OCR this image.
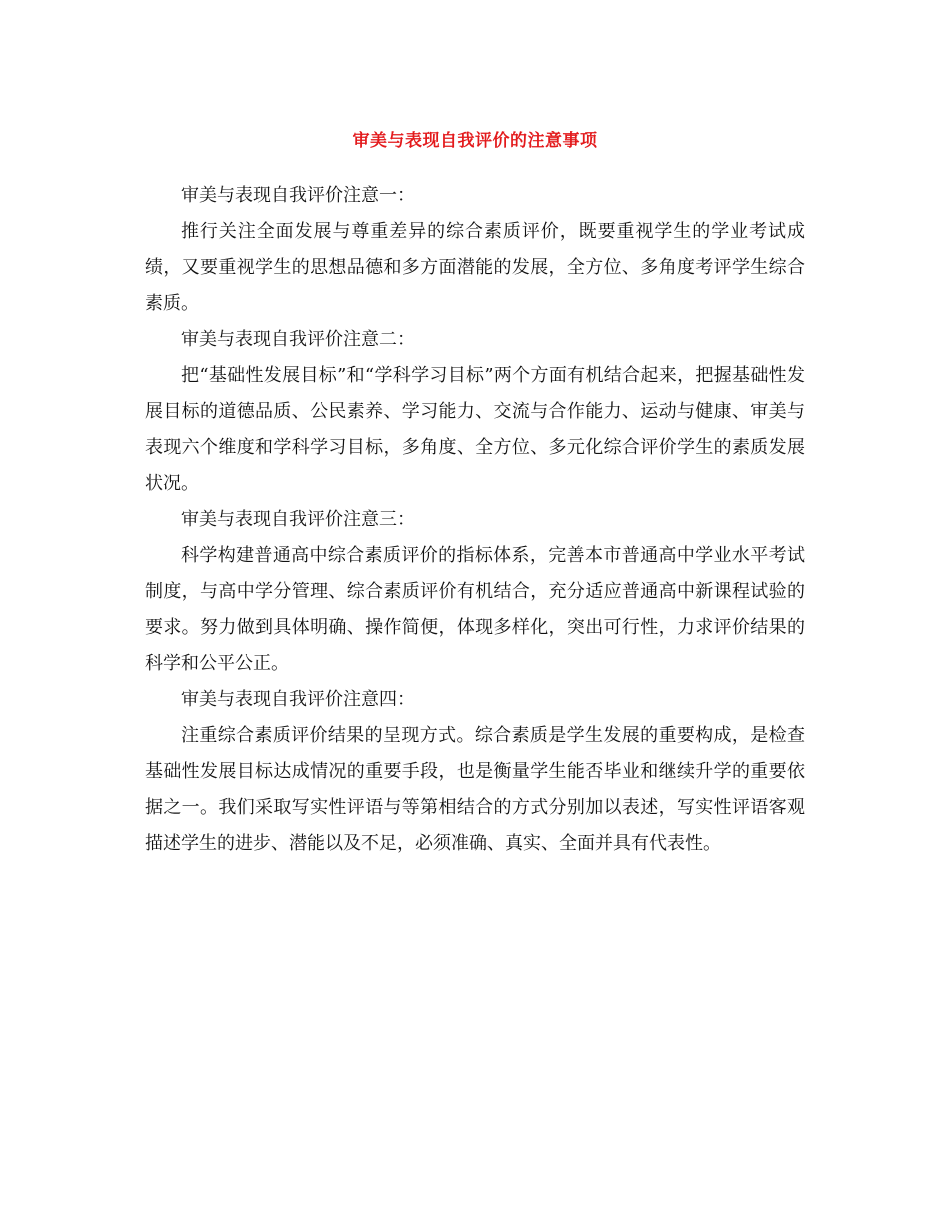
审美与表现自我评价的注意事项

审美与表现自我评价注意一：

推行关注全面发展与尊重差异的综合素质评价，既要重视学生的学业考试成绩，又要重视学生的思想品德和多方面潜能的发展，全方位、多角度考评学生综合素质。

审美与表现自我评价注意二：

把“基础性发展目标”和“学科学习目标”两个方面有机结合起来，把握基础性发展目标的道德品质、公民素养、学习能力、交流与合作能力、运动与健康、审美与表现六个维度和学科学习目标，多角度、全方位、多元化综合评价学生的素质发展状况。

审美与表现自我评价注意三：

科学构建普通高中综合素质评价的指标体系，完善本市普通高中学业水平考试制度，与高中学分管理、综合素质评价有机结合，充分适应普通高中新课程试验的要求。努力做到具体明确、操作简便，体现多样化，突出可行性，力求评价结果的科学和公平公正。

审美与表现自我评价注意四：

注重综合素质评价结果的呈现方式。综合素质是学生发展的重要构成，是检查基础性发展目标达成情况的重要手段，也是衡量学生能否毕业和继续升学的重要依据之一。我们采取写实性评语与等第相结合的方式分别加以表述，写实性评语客观描述学生的进步、潜能以及不足，必须准确、真实、全面并具有代表性。
